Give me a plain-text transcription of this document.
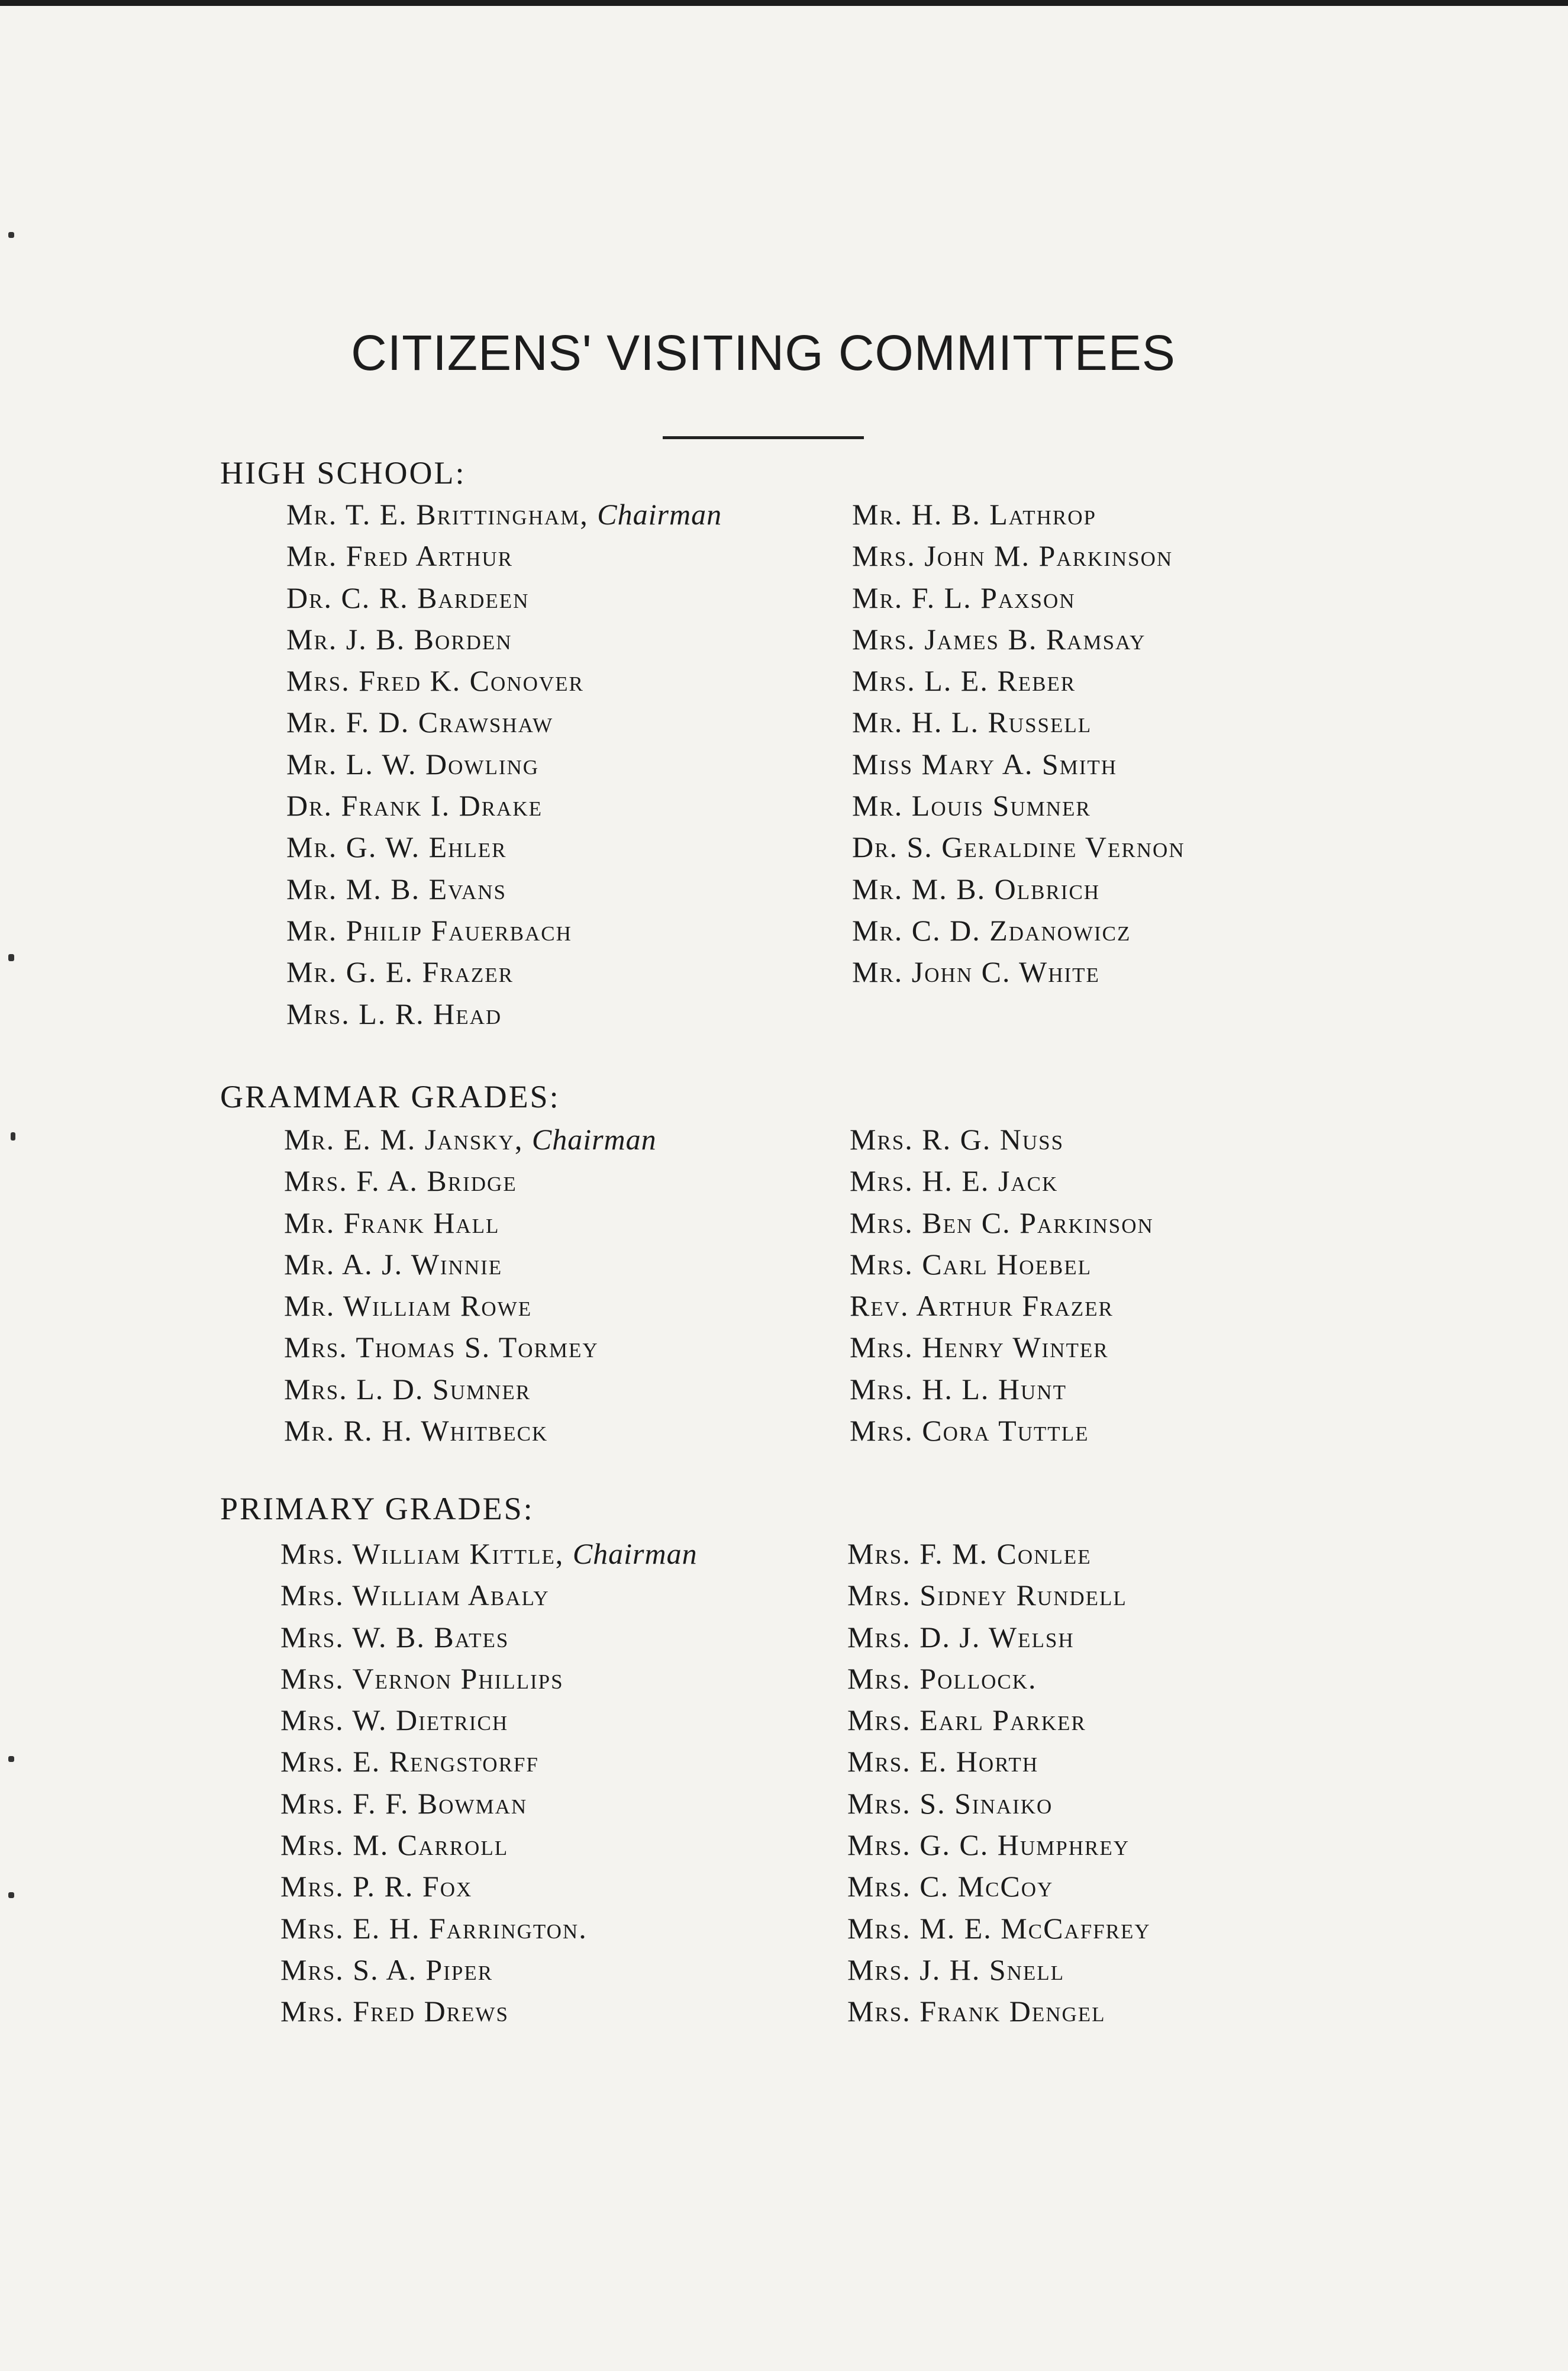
CITIZENS' VISITING COMMITTEES
HIGH SCHOOL:
Mr. T. E. Brittingham, Chairman
Mr. Fred Arthur
Dr. C. R. Bardeen
Mr. J. B. Borden
Mrs. Fred K. Conover
Mr. F. D. Crawshaw
Mr. L. W. Dowling
Dr. Frank I. Drake
Mr. G. W. Ehler
Mr. M. B. Evans
Mr. Philip Fauerbach
Mr. G. E. Frazer
Mrs. L. R. Head
Mr. H. B. Lathrop
Mrs. John M. Parkinson
Mr. F. L. Paxson
Mrs. James B. Ramsay
Mrs. L. E. Reber
Mr. H. L. Russell
Miss Mary A. Smith
Mr. Louis Sumner
Dr. S. Geraldine Vernon
Mr. M. B. Olbrich
Mr. C. D. Zdanowicz
Mr. John C. White
GRAMMAR GRADES:
Mr. E. M. Jansky, Chairman
Mrs. F. A. Bridge
Mr. Frank Hall
Mr. A. J. Winnie
Mr. William Rowe
Mrs. Thomas S. Tormey
Mrs. L. D. Sumner
Mr. R. H. Whitbeck
Mrs. R. G. Nuss
Mrs. H. E. Jack
Mrs. Ben C. Parkinson
Mrs. Carl Hoebel
Rev. Arthur Frazer
Mrs. Henry Winter
Mrs. H. L. Hunt
Mrs. Cora Tuttle
PRIMARY GRADES:
Mrs. William Kittle, Chairman
Mrs. William Abaly
Mrs. W. B. Bates
Mrs. Vernon Phillips
Mrs. W. Dietrich
Mrs. E. Rengstorff
Mrs. F. F. Bowman
Mrs. M. Carroll
Mrs. P. R. Fox
Mrs. E. H. Farrington.
Mrs. S. A. Piper
Mrs. Fred Drews
Mrs. F. M. Conlee
Mrs. Sidney Rundell
Mrs. D. J. Welsh
Mrs. Pollock.
Mrs. Earl Parker
Mrs. E. Horth
Mrs. S. Sinaiko
Mrs. G. C. Humphrey
Mrs. C. McCoy
Mrs. M. E. McCaffrey
Mrs. J. H. Snell
Mrs. Frank Dengel
